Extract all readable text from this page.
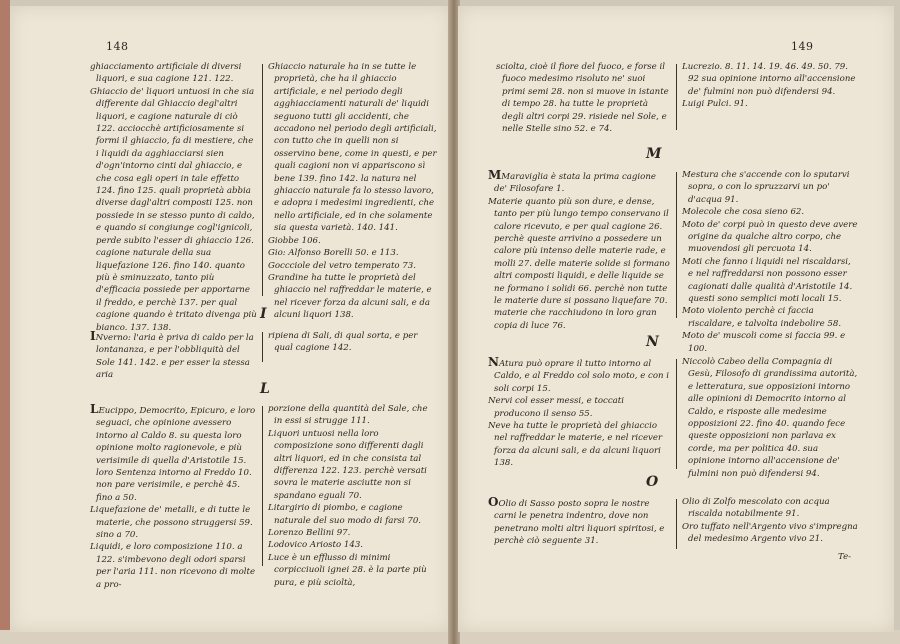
148

ghiacciamento artificiale di diversi liquori, e sua cagione 121. 122.

Ghiaccio de' liquori untuosi in che sia differente dal Ghiaccio degl'altri liquori, e cagione naturale di ciò 122. acciocchè artificiosamente si formi il ghiaccio, fa di mestiere, che i liquidi da agghiacciarsi sien d'ogn'intorno cinti dal ghiaccio, e che cosa egli operi in tale effetto 124. fino 125. quali proprietà abbia diverse dagl'altri composti 125. non possiede in se stesso punto di caldo, e quando si congiunge cogl'ignicoli, perde subito l'esser di ghiaccio 126. cagione naturale della sua liquefazione 126. fino 140. quanto più è sminuzzato, tanto più d'efficacia possiede per apportarne il freddo, e perchè 137. per qual cagione quando è tritato divenga più bianco. 137. 138.

Ghiaccio naturale ha in se tutte le proprietà, che ha il ghiaccio artificiale, e nel periodo degli agghiacciamenti naturali de' liquidi seguono tutti gli accidenti, che accadono nel periodo degli artificiali, con tutto che in quelli non si osservino bene, come in questi, e per quali cagioni non vi appariscono sì bene 139. fino 142. la natura nel ghiaccio naturale fa lo stesso lavoro, e adopra i medesimi ingredienti, che nello artificiale, ed in che solamente sia questa varietà. 140. 141.

Giobbe 106.

Gio: Alfonso Borelli 50. e 113.

Goccciole del vetro temperato 73.

Grandine ha tutte le proprietà del ghiaccio nel raffreddar le materie, e nel ricever forza da alcuni sali, e da alcuni liquori 138.

I

INverno: l'aria è priva di caldo per la lontananza, e per l'obbliquità del Sole 141. 142. e per esser la stessa aria

ripiena di Sali, di qual sorta, e per qual cagione 142.

L

LEucippo, Democrito, Epicuro, e loro seguaci, che opinione avessero intorno al Caldo 8. su questa loro opinione molto ragionevole, e più verisimile di quella d'Aristotile 15. loro Sentenza intorno al Freddo 10. non pare verisimile, e perchè 45. fino a 50.

Liquefazione de' metalli, e di tutte le materie, che possono struggersi 59. sino a 70.

Liquidi, e loro composizione 110. a 122. s'imbevono degli odori sparsi per l'aria 111. non ricevono di molte a pro-

porzione della quantità del Sale, che in essi si strugge 111.

Liquori untuosi nella loro composizione sono differenti dagli altri liquori, ed in che consista tal differenza 122. 123. perchè versati sovra le materie asciutte non si spandano eguali 70.

Litargirio di piombo, e cagione naturale del suo modo di farsi 70.

Lorenzo Bellini 97.

Lodovico Ariosto 143.

Luce è un efflusso di minimi corpicciuoli ignei 28. è la parte più pura, e più scioltà,

149

sciolta, cioè il fiore del fuoco, e forse il fuoco medesimo risoluto ne' suoi primi semi 28. non si muove in istante di tempo 28. ha tutte le proprietà degli altri corpi 29. risiede nel Sole, e nelle Stelle sino 52. e 74.

Lucrezio. 8. 11. 14. 19. 46. 49. 50. 79. 92 sua opinione intorno all'accensione de' fulmini non può difendersi 94.

Luigi Pulci. 91.

M

MMaraviglia è stata la prima cagione de' Filosofare 1.

Materie quanto più son dure, e dense, tanto per più lungo tempo conservano il calore ricevuto, e per qual cagione 26. perchè queste arrivino a possedere un calore più intenso delle materie rade, e molli 27. delle materie solide si formano altri composti liquidi, e delle liquide se ne formano i solidi 66. perchè non tutte le materie dure si possano liquefare 70. materie che racchiudono in loro gran copia di luce 76.

Mestura che s'accende con lo sputarvi sopra, o con lo spruzzarvi un po' d'acqua 91.

Molecole che cosa sieno 62.

Moto de' corpi può in questo deve avere origine da qualche altro corpo, che muovendosi gli percuota 14.

Moti che fanno i liquidi nel riscaldarsi, e nel raffreddarsi non possono esser cagionati dalle qualità d'Aristotile 14. questi sono semplici moti locali 15.

Moto violento perchè ci faccia riscaldare, e talvolta indebolire 58.

Moto de' muscoli come si faccia 99. e 100.

N

NAtura può oprare il tutto intorno al Caldo, e al Freddo col solo moto, e con i soli corpi 15.

Nervi col esser messi, e toccati producono il senso 55.

Neve ha tutte le proprietà del ghiaccio nel raffreddar le materie, e nel ricever forza da alcuni sali, e da alcuni liquori 138.

Niccolò Cabeo della Compagnia di Gesù, Filosofo di grandissima autorità, e letteratura, sue opposizioni intorno alle opinioni di Democrito intorno al Caldo, e risposte alle medesime opposizioni 22. fino 40. quando fece queste opposizioni non parlava ex corde, ma per politica 40. sua opinione intorno all'accensione de' fulmini non può difendersi 94.

O

OOlio di Sasso posto sopra le nostre carni le penetra indentro, dove non penetrano molti altri liquori spiritosi, e perchè ciò seguente 31.

Olio di Zolfo mescolato con acqua riscalda notabilmente 91.

Oro tuffato nell'Argento vivo s'impregna del medesimo Argento vivo 21.

Te-
